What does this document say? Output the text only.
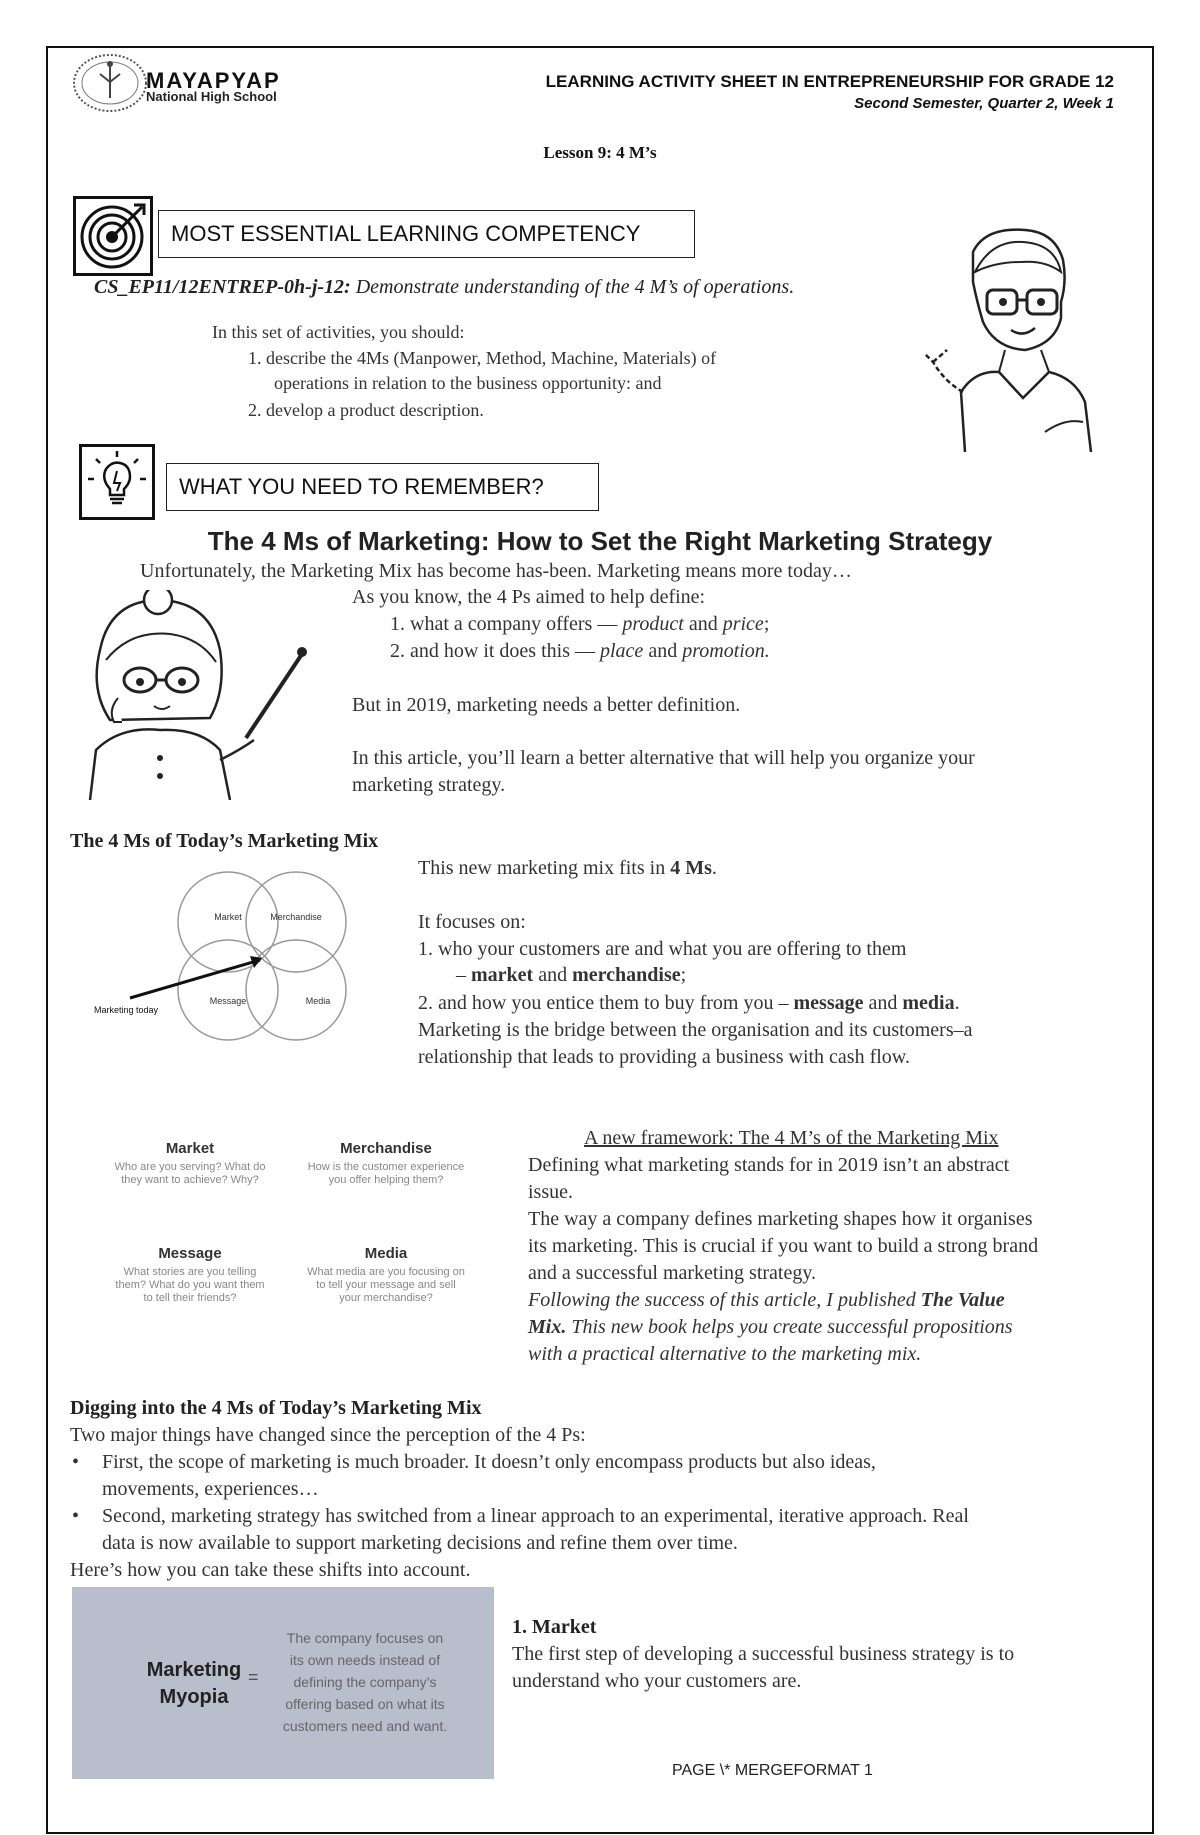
MAYAPYAP
National High School
LEARNING ACTIVITY SHEET IN ENTREPRENEURSHIP FOR GRADE 12
Second Semester, Quarter 2, Week 1
Lesson 9: 4 M’s
MOST ESSENTIAL LEARNING COMPETENCY
CS_EP11/12ENTREP-0h-j-12: Demonstrate understanding of the 4 M’s of operations.
In this set of activities, you should:
1. describe the 4Ms (Manpower, Method, Machine, Materials) of
operations in relation to the business opportunity: and
2. develop a product description.
WHAT YOU NEED TO REMEMBER?
The 4 Ms of Marketing: How to Set the Right Marketing Strategy
Unfortunately, the Marketing Mix has become has-been. Marketing means more today…
As you know, the 4 Ps aimed to help define:
1. what a company offers — product and price;
2. and how it does this — place and promotion.
But in 2019, marketing needs a better definition.
In this article, you’ll learn a better alternative that will help you organize your
marketing strategy.
The 4 Ms of Today’s Marketing Mix
This new marketing mix fits in 4 Ms.
It focuses on:
1. who your customers are and what you are offering to them
– market and merchandise;
2. and how you entice them to buy from you – message and media.
Marketing is the bridge between the organisation and its customers–a
relationship that leads to providing a business with cash flow.
Market	Merchandise
Message	Media
Marketing today
Market
Who are you serving? What do they want to achieve? Why?
Merchandise
How is the customer experience you offer helping them?
Message
What stories are you telling them? What do you want them to tell their friends?
Media
What media are you focusing on to tell your message and sell your merchandise?
A new framework: The 4 M’s of the Marketing Mix
Defining what marketing stands for in 2019 isn’t an abstract
issue.
The way a company defines marketing shapes how it organises
its marketing. This is crucial if you want to build a strong brand
and a successful marketing strategy.
Following the success of this article, I published The Value
Mix. This new book helps you create successful propositions
with a practical alternative to the marketing mix.
Digging into the 4 Ms of Today’s Marketing Mix
Two major things have changed since the perception of the 4 Ps:
• First, the scope of marketing is much broader. It doesn’t only encompass products but also ideas,
movements, experiences…
• Second, marketing strategy has switched from a linear approach to an experimental, iterative approach. Real
data is now available to support marketing decisions and refine them over time.
Here’s how you can take these shifts into account.
Marketing
Myopia
=
The company focuses on its own needs instead of defining the company’s offering based on what its customers need and want.
1. Market
The first step of developing a successful business strategy is to
understand who your customers are.
PAGE \* MERGEFORMAT 1
